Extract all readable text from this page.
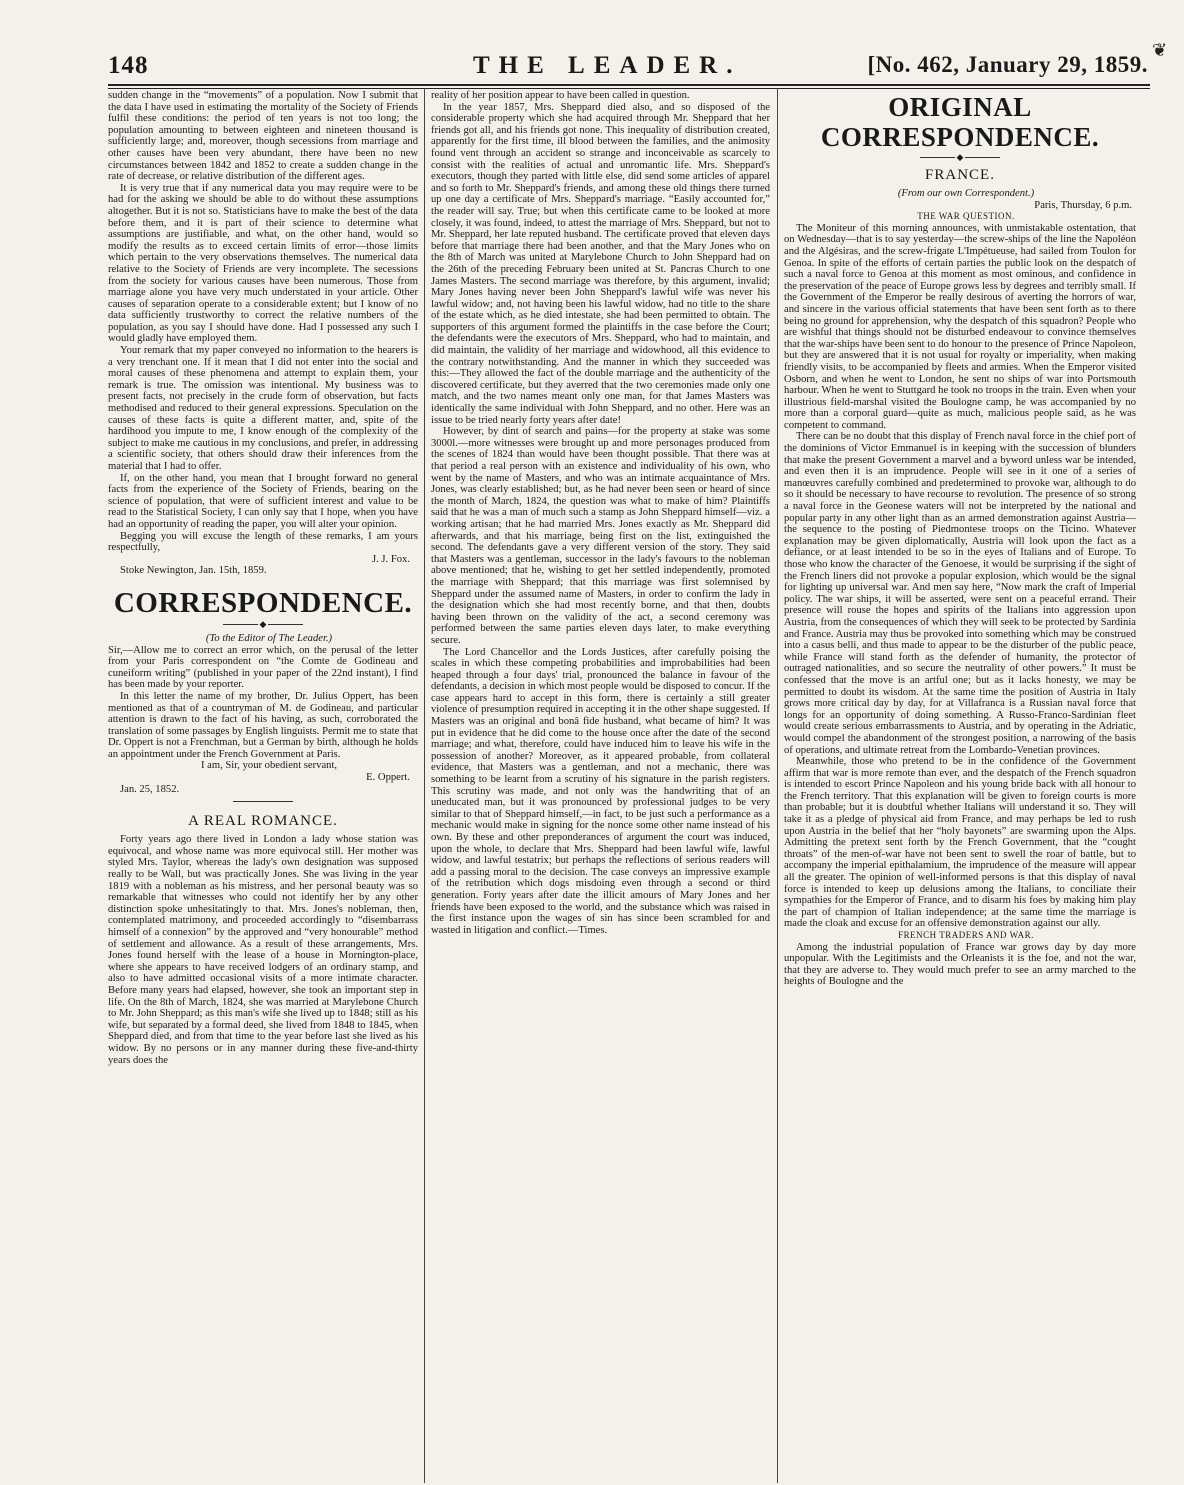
❦
148	THE LEADER.	[No. 462, January 29, 1859.

sudden change in the “movements” of a population. Now I submit that the data I have used in estimating the mortality of the Society of Friends fulfil these conditions: the period of ten years is not too long; the population amounting to between eighteen and nineteen thousand is sufficiently large; and, moreover, though secessions from marriage and other causes have been very abundant, there have been no new circumstances between 1842 and 1852 to create a sudden change in the rate of decrease, or relative distribution of the different ages.

It is very true that if any numerical data you may require were to be had for the asking we should be able to do without these assumptions altogether. But it is not so. Statisticians have to make the best of the data before them, and it is part of their science to determine what assumptions are justifiable, and what, on the other hand, would so modify the results as to exceed certain limits of error—those limits which pertain to the very observations themselves. The numerical data relative to the Society of Friends are very incomplete. The secessions from the society for various causes have been numerous. Those from marriage alone you have very much understated in your article. Other causes of separation operate to a considerable extent; but I know of no data sufficiently trustworthy to correct the relative numbers of the population, as you say I should have done. Had I possessed any such I would gladly have employed them.

Your remark that my paper conveyed no information to the hearers is a very trenchant one. If it mean that I did not enter into the social and moral causes of these phenomena and attempt to explain them, your remark is true. The omission was intentional. My business was to present facts, not precisely in the crude form of observation, but facts methodised and reduced to their general expressions. Speculation on the causes of these facts is quite a different matter, and, spite of the hardihood you impute to me, I know enough of the complexity of the subject to make me cautious in my conclusions, and prefer, in addressing a scientific society, that others should draw their inferences from the material that I had to offer.

If, on the other hand, you mean that I brought forward no general facts from the experience of the Society of Friends, bearing on the science of population, that were of sufficient interest and value to be read to the Statistical Society, I can only say that I hope, when you have had an opportunity of reading the paper, you will alter your opinion.

Begging you will excuse the length of these remarks, I am yours respectfully,

J. J. Fox.

Stoke Newington, Jan. 15th, 1859.

CORRESPONDENCE.
◆

(To the Editor of The Leader.)

Sir,—Allow me to correct an error which, on the perusal of the letter from your Paris correspondent on “the Comte de Godineau and cuneiform writing” (published in your paper of the 22nd instant), I find has been made by your reporter.

In this letter the name of my brother, Dr. Julius Oppert, has been mentioned as that of a countryman of M. de Godineau, and particular attention is drawn to the fact of his having, as such, corroborated the translation of some passages by English linguists. Permit me to state that Dr. Oppert is not a Frenchman, but a German by birth, although he holds an appointment under the French Government at Paris.

I am, Sir, your obedient servant,

E. Oppert.

Jan. 25, 1852.

A REAL ROMANCE.

Forty years ago there lived in London a lady whose station was equivocal, and whose name was more equivocal still. Her mother was styled Mrs. Taylor, whereas the lady's own designation was supposed really to be Wall, but was practically Jones. She was living in the year 1819 with a nobleman as his mistress, and her personal beauty was so remarkable that witnesses who could not identify her by any other distinction spoke unhesitatingly to that. Mrs. Jones's nobleman, then, contemplated matrimony, and proceeded accordingly to “disembarrass himself of a connexion” by the approved and “very honourable” method of settlement and allowance. As a result of these arrangements, Mrs. Jones found herself with the lease of a house in Mornington-place, where she appears to have received lodgers of an ordinary stamp, and also to have admitted occasional visits of a more intimate character. Before many years had elapsed, however, she took an important step in life. On the 8th of March, 1824, she was married at Marylebone Church to Mr. John Sheppard; as this man's wife she lived up to 1848; still as his wife, but separated by a formal deed, she lived from 1848 to 1845, when Sheppard died, and from that time to the year before last she lived as his widow. By no persons or in any manner during these five-and-thirty years does the

reality of her position appear to have been called in question.

In the year 1857, Mrs. Sheppard died also, and so disposed of the considerable property which she had acquired through Mr. Sheppard that her friends got all, and his friends got none. This inequality of distribution created, apparently for the first time, ill blood between the families, and the animosity found vent through an accident so strange and inconceivable as scarcely to consist with the realities of actual and unromantic life. Mrs. Sheppard's executors, though they parted with little else, did send some articles of apparel and so forth to Mr. Sheppard's friends, and among these old things there turned up one day a certificate of Mrs. Sheppard's marriage. “Easily accounted for,” the reader will say. True; but when this certificate came to be looked at more closely, it was found, indeed, to attest the marriage of Mrs. Sheppard, but not to Mr. Sheppard, her late reputed husband. The certificate proved that eleven days before that marriage there had been another, and that the Mary Jones who on the 8th of March was united at Marylebone Church to John Sheppard had on the 26th of the preceding February been united at St. Pancras Church to one James Masters. The second marriage was therefore, by this argument, invalid; Mary Jones having never been John Sheppard's lawful wife was never his lawful widow; and, not having been his lawful widow, had no title to the share of the estate which, as he died intestate, she had been permitted to obtain. The supporters of this argument formed the plaintiffs in the case before the Court; the defendants were the executors of Mrs. Sheppard, who had to maintain, and did maintain, the validity of her marriage and widowhood, all this evidence to the contrary notwithstanding. And the manner in which they succeeded was this:—They allowed the fact of the double marriage and the authenticity of the discovered certificate, but they averred that the two ceremonies made only one match, and the two names meant only one man, for that James Masters was identically the same individual with John Sheppard, and no other. Here was an issue to be tried nearly forty years after date!

However, by dint of search and pains—for the property at stake was some 3000l.—more witnesses were brought up and more personages produced from the scenes of 1824 than would have been thought possible. That there was at that period a real person with an existence and individuality of his own, who went by the name of Masters, and who was an intimate acquaintance of Mrs. Jones, was clearly established; but, as he had never been seen or heard of since the month of March, 1824, the question was what to make of him? Plaintiffs said that he was a man of much such a stamp as John Sheppard himself—viz. a working artisan; that he had married Mrs. Jones exactly as Mr. Sheppard did afterwards, and that his marriage, being first on the list, extinguished the second. The defendants gave a very different version of the story. They said that Masters was a gentleman, successor in the lady's favours to the nobleman above mentioned; that he, wishing to get her settled independently, promoted the marriage with Sheppard; that this marriage was first solemnised by Sheppard under the assumed name of Masters, in order to confirm the lady in the designation which she had most recently borne, and that then, doubts having been thrown on the validity of the act, a second ceremony was performed between the same parties eleven days later, to make everything secure.

The Lord Chancellor and the Lords Justices, after carefully poising the scales in which these competing probabilities and improbabilities had been heaped through a four days' trial, pronounced the balance in favour of the defendants, a decision in which most people would be disposed to concur. If the case appears hard to accept in this form, there is certainly a still greater violence of presumption required in accepting it in the other shape suggested. If Masters was an original and bonâ fide husband, what became of him? It was put in evidence that he did come to the house once after the date of the second marriage; and what, therefore, could have induced him to leave his wife in the possession of another? Moreover, as it appeared probable, from collateral evidence, that Masters was a gentleman, and not a mechanic, there was something to be learnt from a scrutiny of his signature in the parish registers. This scrutiny was made, and not only was the handwriting that of an uneducated man, but it was pronounced by professional judges to be very similar to that of Sheppard himself,—in fact, to be just such a performance as a mechanic would make in signing for the nonce some other name instead of his own. By these and other preponderances of argument the court was induced, upon the whole, to declare that Mrs. Sheppard had been lawful wife, lawful widow, and lawful testatrix; but perhaps the reflections of serious readers will add a passing moral to the decision. The case conveys an impressive example of the retribution which dogs misdoing even through a second or third generation. Forty years after date the illicit amours of Mary Jones and her friends have been exposed to the world, and the substance which was raised in the first instance upon the wages of sin has since been scrambled for and wasted in litigation and conflict.—Times.

ORIGINAL CORRESPONDENCE.
◆
FRANCE.

(From our own Correspondent.)

Paris, Thursday, 6 p.m.

THE WAR QUESTION.

The Moniteur of this morning announces, with unmistakable ostentation, that on Wednesday—that is to say yesterday—the screw-ships of the line the Napoléon and the Algésiras, and the screw-frigate L'Impétueuse, had sailed from Toulon for Genoa. In spite of the efforts of certain parties the public look on the despatch of such a naval force to Genoa at this moment as most ominous, and confidence in the preservation of the peace of Europe grows less by degrees and terribly small. If the Government of the Emperor be really desirous of averting the horrors of war, and sincere in the various official statements that have been sent forth as to there being no ground for apprehension, why the despatch of this squadron? People who are wishful that things should not be disturbed endeavour to convince themselves that the war-ships have been sent to do honour to the presence of Prince Napoleon, but they are answered that it is not usual for royalty or imperiality, when making friendly visits, to be accompanied by fleets and armies. When the Emperor visited Osborn, and when he went to London, he sent no ships of war into Portsmouth harbour. When he went to Stuttgard he took no troops in the train. Even when your illustrious field-marshal visited the Boulogne camp, he was accompanied by no more than a corporal guard—quite as much, malicious people said, as he was competent to command.

There can be no doubt that this display of French naval force in the chief port of the dominions of Victor Emmanuel is in keeping with the succession of blunders that make the present Government a marvel and a byword unless war be intended, and even then it is an imprudence. People will see in it one of a series of manœuvres carefully combined and predetermined to provoke war, although to do so it should be necessary to have recourse to revolution. The presence of so strong a naval force in the Geonese waters will not be interpreted by the national and popular party in any other light than as an armed demonstration against Austria—the sequence to the posting of Piedmontese troops on the Ticino. Whatever explanation may be given diplomatically, Austria will look upon the fact as a defiance, or at least intended to be so in the eyes of Italians and of Europe. To those who know the character of the Genoese, it would be surprising if the sight of the French liners did not provoke a popular explosion, which would be the signal for lighting up universal war. And men say here, “Now mark the craft of Imperial policy. The war ships, it will be asserted, were sent on a peaceful errand. Their presence will rouse the hopes and spirits of the Italians into aggression upon Austria, from the consequences of which they will seek to be protected by Sardinia and France. Austria may thus be provoked into something which may be construed into a casus belli, and thus made to appear to be the disturber of the public peace, while France will stand forth as the defender of humanity, the protector of outraged nationalities, and so secure the neutrality of other powers.” It must be confessed that the move is an artful one; but as it lacks honesty, we may be permitted to doubt its wisdom. At the same time the position of Austria in Italy grows more critical day by day, for at Villafranca is a Russian naval force that longs for an opportunity of doing something. A Russo-Franco-Sardinian fleet would create serious embarrassments to Austria, and by operating in the Adriatic, would compel the abandonment of the strongest position, a narrowing of the basis of operations, and ultimate retreat from the Lombardo-Venetian provinces.

Meanwhile, those who pretend to be in the confidence of the Government affirm that war is more remote than ever, and the despatch of the French squadron is intended to escort Prince Napoleon and his young bride back with all honour to the French territory. That this explanation will be given to foreign courts is more than probable; but it is doubtful whether Italians will understand it so. They will take it as a pledge of physical aid from France, and may perhaps be led to rush upon Austria in the belief that her “holy bayonets” are swarming upon the Alps. Admitting the pretext sent forth by the French Government, that the “cought throats” of the men-of-war have not been sent to swell the roar of battle, but to accompany the imperial epithalamium, the imprudence of the measure will appear all the greater. The opinion of well-informed persons is that this display of naval force is intended to keep up delusions among the Italians, to conciliate their sympathies for the Emperor of France, and to disarm his foes by making him play the part of champion of Italian independence; at the same time the marriage is made the cloak and excuse for an offensive demonstration against our ally.

FRENCH TRADERS AND WAR.

Among the industrial population of France war grows day by day more unpopular. With the Legitimists and the Orleanists it is the foe, and not the war, that they are adverse to. They would much prefer to see an army marched to the heights of Boulogne and the
